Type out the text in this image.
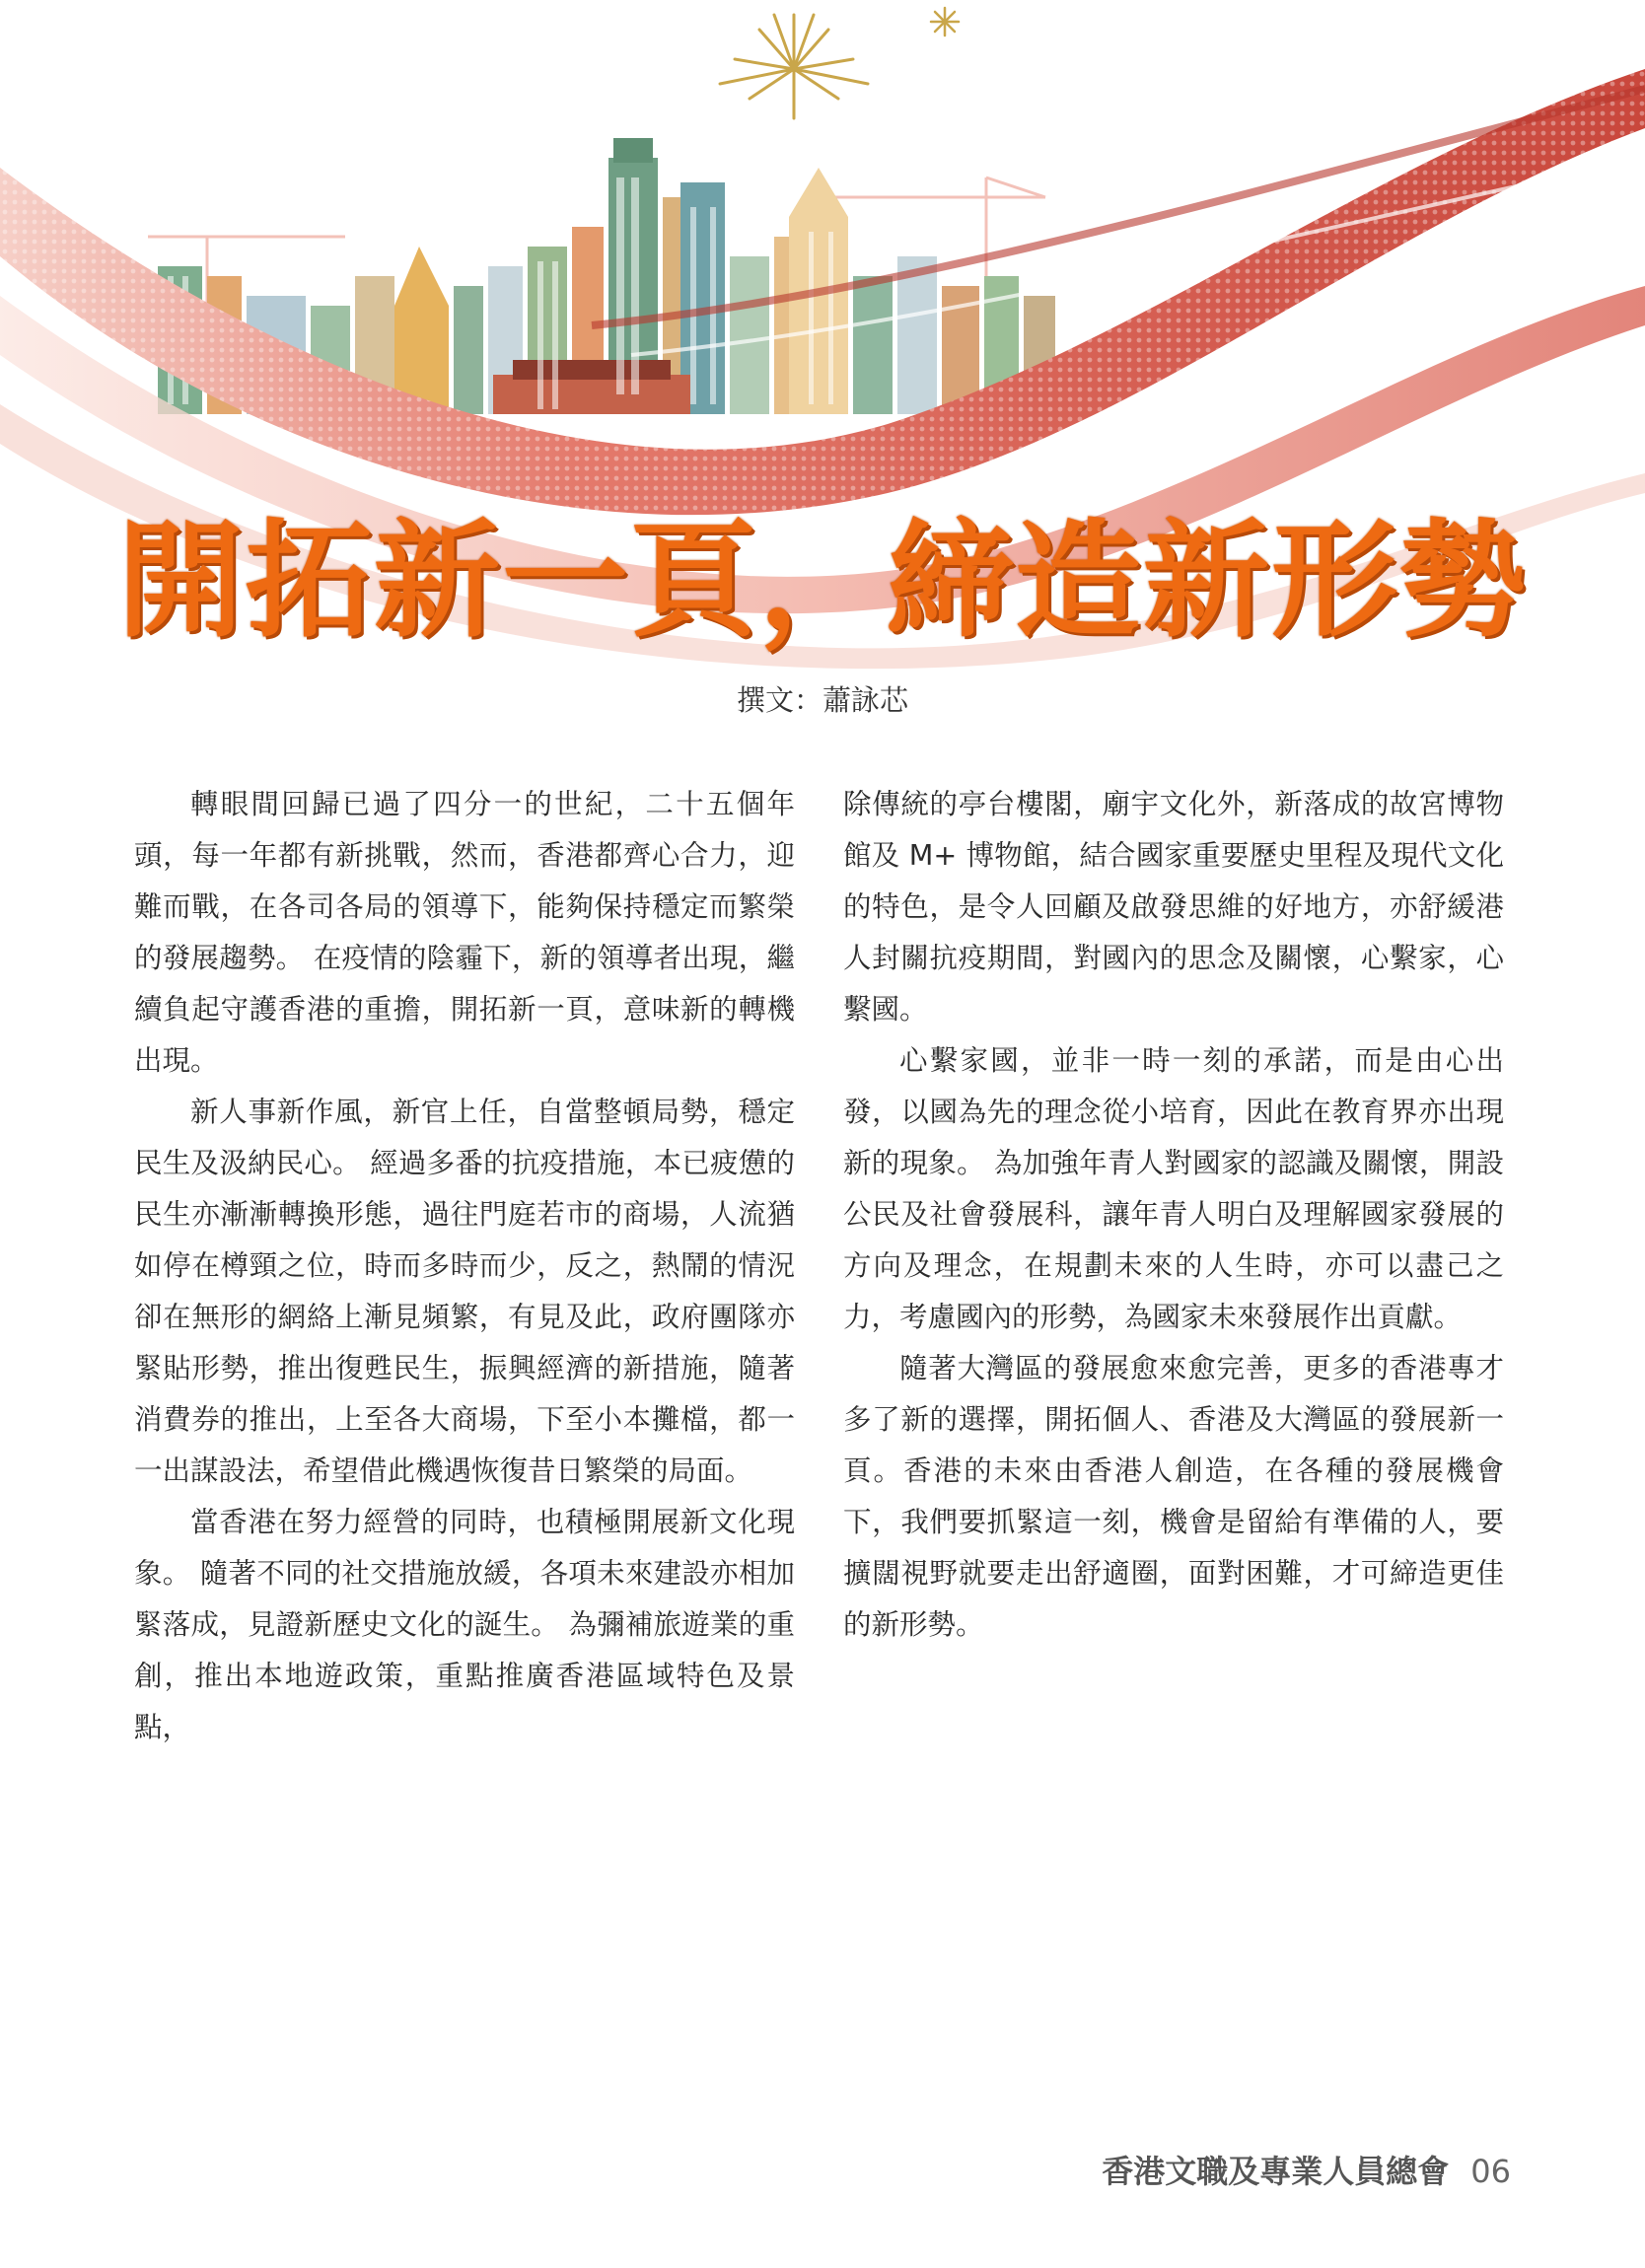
開拓新一頁，締造新形勢
撰文：蕭詠芯

轉眼間回歸已過了四分一的世紀，二十五個年頭，每一年都有新挑戰，然而，香港都齊心合力，迎難而戰，在各司各局的領導下，能夠保持穩定而繁榮的發展趨勢。 在疫情的陰霾下，新的領導者出現，繼續負起守護香港的重擔，開拓新一頁，意味新的轉機出現。

新人事新作風，新官上任，自當整頓局勢，穩定民生及汲納民心。 經過多番的抗疫措施，本已疲憊的民生亦漸漸轉換形態，過往門庭若市的商場，人流猶如停在樽頸之位，時而多時而少，反之，熱鬧的情況卻在無形的網絡上漸見頻繁，有見及此，政府團隊亦緊貼形勢，推出復甦民生，振興經濟的新措施，隨著消費券的推出，上至各大商場，下至小本攤檔，都一一出謀設法，希望借此機遇恢復昔日繁榮的局面。

當香港在努力經營的同時，也積極開展新文化現象。 隨著不同的社交措施放緩，各項未來建設亦相加緊落成，見證新歷史文化的誕生。 為彌補旅遊業的重創，推出本地遊政策，重點推廣香港區域特色及景點，

除傳統的亭台樓閣，廟宇文化外，新落成的故宮博物館及 M+ 博物館，結合國家重要歷史里程及現代文化的特色，是令人回顧及啟發思維的好地方，亦舒緩港人封關抗疫期間，對國內的思念及關懷，心繫家，心繫國。

心繫家國，並非一時一刻的承諾，而是由心出發，以國為先的理念從小培育，因此在教育界亦出現新的現象。 為加強年青人對國家的認識及關懷，開設公民及社會發展科，讓年青人明白及理解國家發展的方向及理念，在規劃未來的人生時，亦可以盡己之力，考慮國內的形勢，為國家未來發展作出貢獻。

隨著大灣區的發展愈來愈完善，更多的香港專才多了新的選擇，開拓個人、香港及大灣區的發展新一頁。香港的未來由香港人創造，在各種的發展機會下，我們要抓緊這一刻，機會是留給有準備的人，要擴闊視野就要走出舒適圈，面對困難，才可締造更佳的新形勢。

香港文職及專業人員總會 06
